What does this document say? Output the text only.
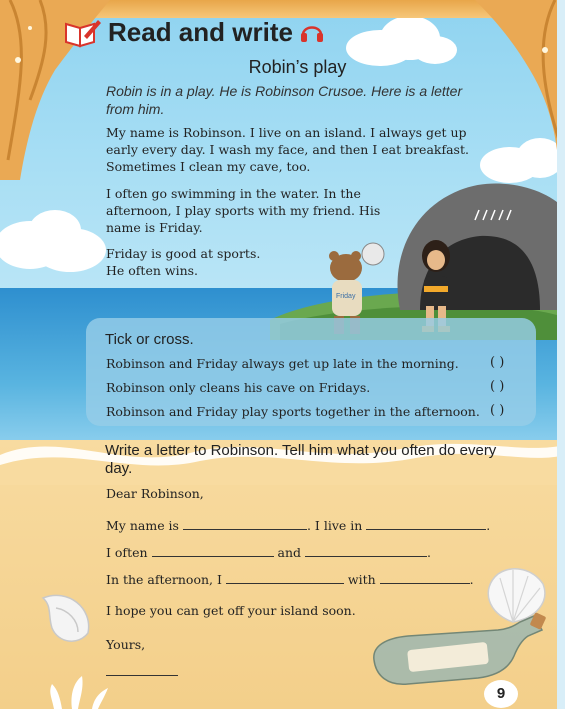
Read and write
Robin’s play
Robin is in a play. He is Robinson Crusoe. Here is a letter from him.
My name is Robinson. I live on an island. I always get up early every day. I wash my face, and then I eat breakfast. Sometimes I clean my cave, too.
I often go swimming in the water. In the afternoon, I play sports with my friend. His name is Friday.
Friday is good at sports. He often wins.
Friday
Tick or cross.
Robinson and Friday always get up late in the morning. ( )
Robinson only cleans his cave on Fridays.	( )
Robinson and Friday play sports together in the afternoon. ( )
Write a letter to Robinson. Tell him what you often do every day.
Dear Robinson,
My name is	. I live in	.
I often	and	.
In the afternoon, I	with	.
I hope you can get off your island soon.
Yours,
9
